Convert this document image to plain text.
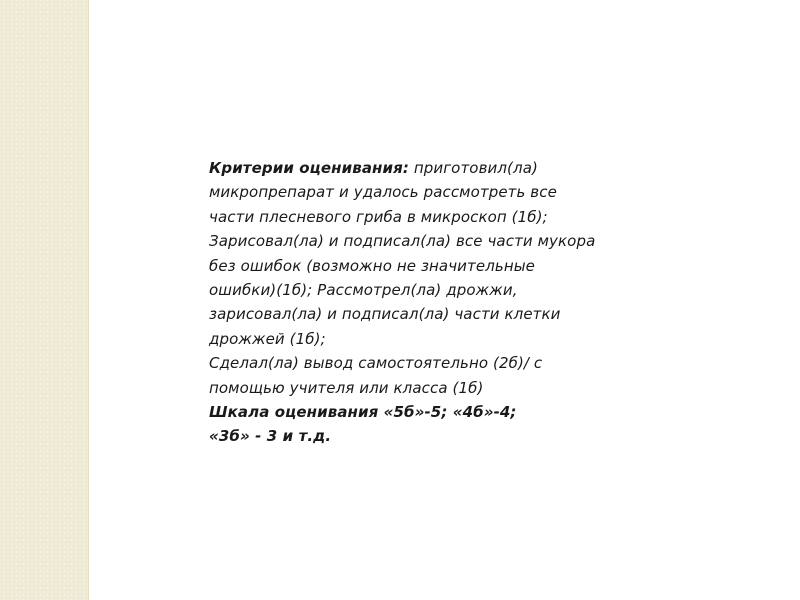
Критерии оценивания: приготовил(ла) микропрепарат и удалось рассмотреть все части плесневого гриба в микроскоп (1б);

Зарисовал(ла) и подписал(ла) все части мукора без ошибок (возможно не значительные ошибки)(1б); Рассмотрел(ла) дрожжи, зарисовал(ла) и подписал(ла) части клетки дрожжей (1б);

Сделал(ла) вывод самостоятельно (2б)/ с помощью учителя или класса (1б)

Шкала оценивания «5б»-5; «4б»-4;

«3б» - 3 и т.д.
